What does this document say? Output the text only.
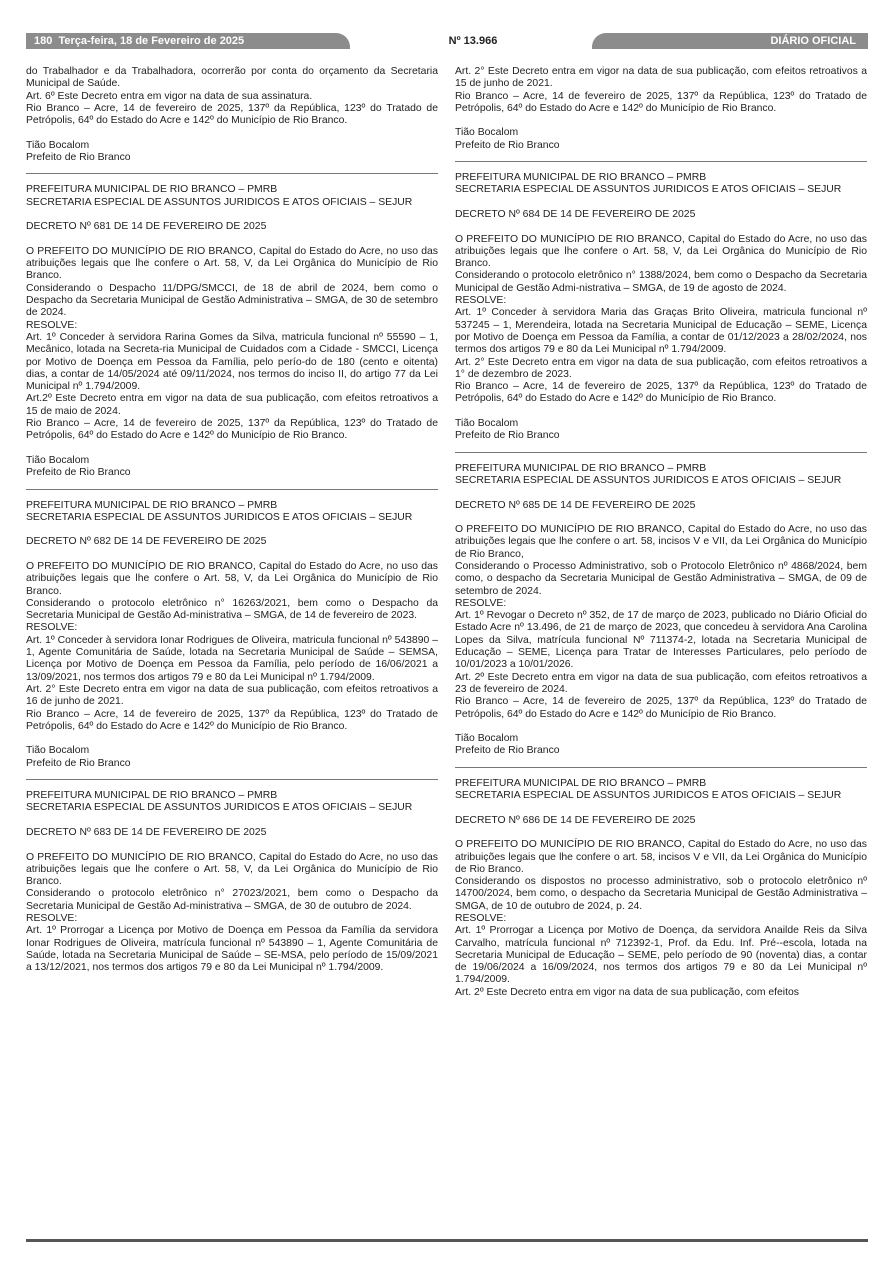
180 Terça-feira, 18 de Fevereiro de 2025	Nº 13.966	DIÁRIO OFICIAL

do Trabalhador e da Trabalhadora, ocorrerão por conta do orçamento da Secretaria Municipal de Saúde.

Art. 6º Este Decreto entra em vigor na data de sua assinatura.

Rio Branco – Acre, 14 de fevereiro de 2025, 137º da República, 123º do Tratado de Petrópolis, 64º do Estado do Acre e 142º do Município de Rio Branco.

Tião Bocalom

Prefeito de Rio Branco

PREFEITURA MUNICIPAL DE RIO BRANCO – PMRB

SECRETARIA ESPECIAL DE ASSUNTOS JURIDICOS E ATOS OFICIAIS – SEJUR

DECRETO Nº 681 DE 14 DE FEVEREIRO DE 2025

O PREFEITO DO MUNICÍPIO DE RIO BRANCO, Capital do Estado do Acre, no uso das atribuições legais que lhe confere o Art. 58, V, da Lei Orgânica do Município de Rio Branco.

Considerando o Despacho 11/DPG/SMCCI, de 18 de abril de 2024, bem como o Despacho da Secretaria Municipal de Gestão Administrativa – SMGA, de 30 de setembro de 2024.

RESOLVE:

Art. 1º Conceder à servidora Rarina Gomes da Silva, matricula funcional nº 55590 – 1, Mecânico, lotada na Secreta-ria Municipal de Cuidados com a Cidade - SMCCI, Licença por Motivo de Doença em Pessoa da Família, pelo perío-do de 180 (cento e oitenta) dias, a contar de 14/05/2024 até 09/11/2024, nos termos do inciso II, do artigo 77 da Lei Municipal nº 1.794/2009.

Art.2º Este Decreto entra em vigor na data de sua publicação, com efeitos retroativos a 15 de maio de 2024.

Rio Branco – Acre, 14 de fevereiro de 2025, 137º da República, 123º do Tratado de Petrópolis, 64º do Estado do Acre e 142º do Município de Rio Branco.

Tião Bocalom

Prefeito de Rio Branco

PREFEITURA MUNICIPAL DE RIO BRANCO – PMRB

SECRETARIA ESPECIAL DE ASSUNTOS JURIDICOS E ATOS OFICIAIS – SEJUR

DECRETO Nº 682 DE 14 DE FEVEREIRO DE 2025

O PREFEITO DO MUNICÍPIO DE RIO BRANCO, Capital do Estado do Acre, no uso das atribuições legais que lhe confere o Art. 58, V, da Lei Orgânica do Município de Rio Branco.

Considerando o protocolo eletrônico n° 16263/2021, bem como o Despacho da Secretaria Municipal de Gestão Ad-ministrativa – SMGA, de 14 de fevereiro de 2023.

RESOLVE:

Art. 1º Conceder à servidora Ionar Rodrigues de Oliveira, matricula funcional nº 543890 – 1, Agente Comunitária de Saúde, lotada na Secretaria Municipal de Saúde – SEMSA, Licença por Motivo de Doença em Pessoa da Família, pelo período de 16/06/2021 a 13/09/2021, nos termos dos artigos 79 e 80 da Lei Municipal nº 1.794/2009.

Art. 2° Este Decreto entra em vigor na data de sua publicação, com efeitos retroativos a 16 de junho de 2021.

Rio Branco – Acre, 14 de fevereiro de 2025, 137º da República, 123º do Tratado de Petrópolis, 64º do Estado do Acre e 142º do Município de Rio Branco.

Tião Bocalom

Prefeito de Rio Branco

PREFEITURA MUNICIPAL DE RIO BRANCO – PMRB

SECRETARIA ESPECIAL DE ASSUNTOS JURIDICOS E ATOS OFICIAIS – SEJUR

DECRETO Nº 683 DE 14 DE FEVEREIRO DE 2025

O PREFEITO DO MUNICÍPIO DE RIO BRANCO, Capital do Estado do Acre, no uso das atribuições legais que lhe confere o Art. 58, V, da Lei Orgânica do Município de Rio Branco.

Considerando o protocolo eletrônico n° 27023/2021, bem como o Despacho da Secretaria Municipal de Gestão Ad-ministrativa – SMGA, de 30 de outubro de 2024.

RESOLVE:

Art. 1º Prorrogar a Licença por Motivo de Doença em Pessoa da Família da servidora Ionar Rodrigues de Oliveira, matrícula funcional nº 543890 – 1, Agente Comunitária de Saúde, lotada na Secretaria Municipal de Saúde – SE-MSA, pelo período de 15/09/2021 a 13/12/2021, nos termos dos artigos 79 e 80 da Lei Municipal nº 1.794/2009.

Art. 2° Este Decreto entra em vigor na data de sua publicação, com efeitos retroativos a 15 de junho de 2021.

Rio Branco – Acre, 14 de fevereiro de 2025, 137º da República, 123º do Tratado de Petrópolis, 64º do Estado do Acre e 142º do Município de Rio Branco.

Tião Bocalom

Prefeito de Rio Branco

PREFEITURA MUNICIPAL DE RIO BRANCO – PMRB

SECRETARIA ESPECIAL DE ASSUNTOS JURIDICOS E ATOS OFICIAIS – SEJUR

DECRETO Nº 684 DE 14 DE FEVEREIRO DE 2025

O PREFEITO DO MUNICÍPIO DE RIO BRANCO, Capital do Estado do Acre, no uso das atribuições legais que lhe confere o Art. 58, V, da Lei Orgânica do Município de Rio Branco.

Considerando o protocolo eletrônico n° 1388/2024, bem como o Despacho da Secretaria Municipal de Gestão Admi-nistrativa – SMGA, de 19 de agosto de 2024.

RESOLVE:

Art. 1º Conceder à servidora Maria das Graças Brito Oliveira, matricula funcional nº 537245 – 1, Merendeira, lotada na Secretaria Municipal de Educação – SEME, Licença por Motivo de Doença em Pessoa da Família, a contar de 01/12/2023 a 28/02/2024, nos termos dos artigos 79 e 80 da Lei Municipal nº 1.794/2009.

Art. 2° Este Decreto entra em vigor na data de sua publicação, com efeitos retroativos a 1° de dezembro de 2023.

Rio Branco – Acre, 14 de fevereiro de 2025, 137º da República, 123º do Tratado de Petrópolis, 64º do Estado do Acre e 142º do Município de Rio Branco.

Tião Bocalom

Prefeito de Rio Branco

PREFEITURA MUNICIPAL DE RIO BRANCO – PMRB

SECRETARIA ESPECIAL DE ASSUNTOS JURIDICOS E ATOS OFICIAIS – SEJUR

DECRETO Nº 685 DE 14 DE FEVEREIRO DE 2025

O PREFEITO DO MUNICÍPIO DE RIO BRANCO, Capital do Estado do Acre, no uso das atribuições legais que lhe confere o art. 58, incisos V e VII, da Lei Orgânica do Município de Rio Branco,

Considerando o Processo Administrativo, sob o Protocolo Eletrônico nº 4868/2024, bem como, o despacho da Secretaria Municipal de Gestão Administrativa – SMGA, de 09 de setembro de 2024.

RESOLVE:

Art. 1º Revogar o Decreto nº 352, de 17 de março de 2023, publicado no Diário Oficial do Estado Acre nº 13.496, de 21 de março de 2023, que concedeu à servidora Ana Carolina Lopes da Silva, matrícula funcional Nº 711374-2, lotada na Secretaria Municipal de Educação – SEME, Licença para Tratar de Interesses Particulares, pelo período de 10/01/2023 a 10/01/2026.

Art. 2º Este Decreto entra em vigor na data de sua publicação, com efeitos retroativos a 23 de fevereiro de 2024.

Rio Branco – Acre, 14 de fevereiro de 2025, 137º da República, 123º do Tratado de Petrópolis, 64º do Estado do Acre e 142º do Município de Rio Branco.

Tião Bocalom

Prefeito de Rio Branco

PREFEITURA MUNICIPAL DE RIO BRANCO – PMRB

SECRETARIA ESPECIAL DE ASSUNTOS JURIDICOS E ATOS OFICIAIS – SEJUR

DECRETO Nº 686 DE 14 DE FEVEREIRO DE 2025

O PREFEITO DO MUNICÍPIO DE RIO BRANCO, Capital do Estado do Acre, no uso das atribuições legais que lhe confere o art. 58, incisos V e VII, da Lei Orgânica do Município de Rio Branco.

Considerando os dispostos no processo administrativo, sob o protocolo eletrônico nº 14700/2024, bem como, o despacho da Secretaria Municipal de Gestão Administrativa – SMGA, de 10 de outubro de 2024, p. 24.

RESOLVE:

Art. 1º Prorrogar a Licença por Motivo de Doença, da servidora Anailde Reis da Silva Carvalho, matrícula funcional nº 712392-1, Prof. da Edu. Inf. Pré--escola, lotada na Secretaria Municipal de Educação – SEME, pelo período de 90 (noventa) dias, a contar de 19/06/2024 a 16/09/2024, nos termos dos artigos 79 e 80 da Lei Municipal nº 1.794/2009.

Art. 2º Este Decreto entra em vigor na data de sua publicação, com efeitos
